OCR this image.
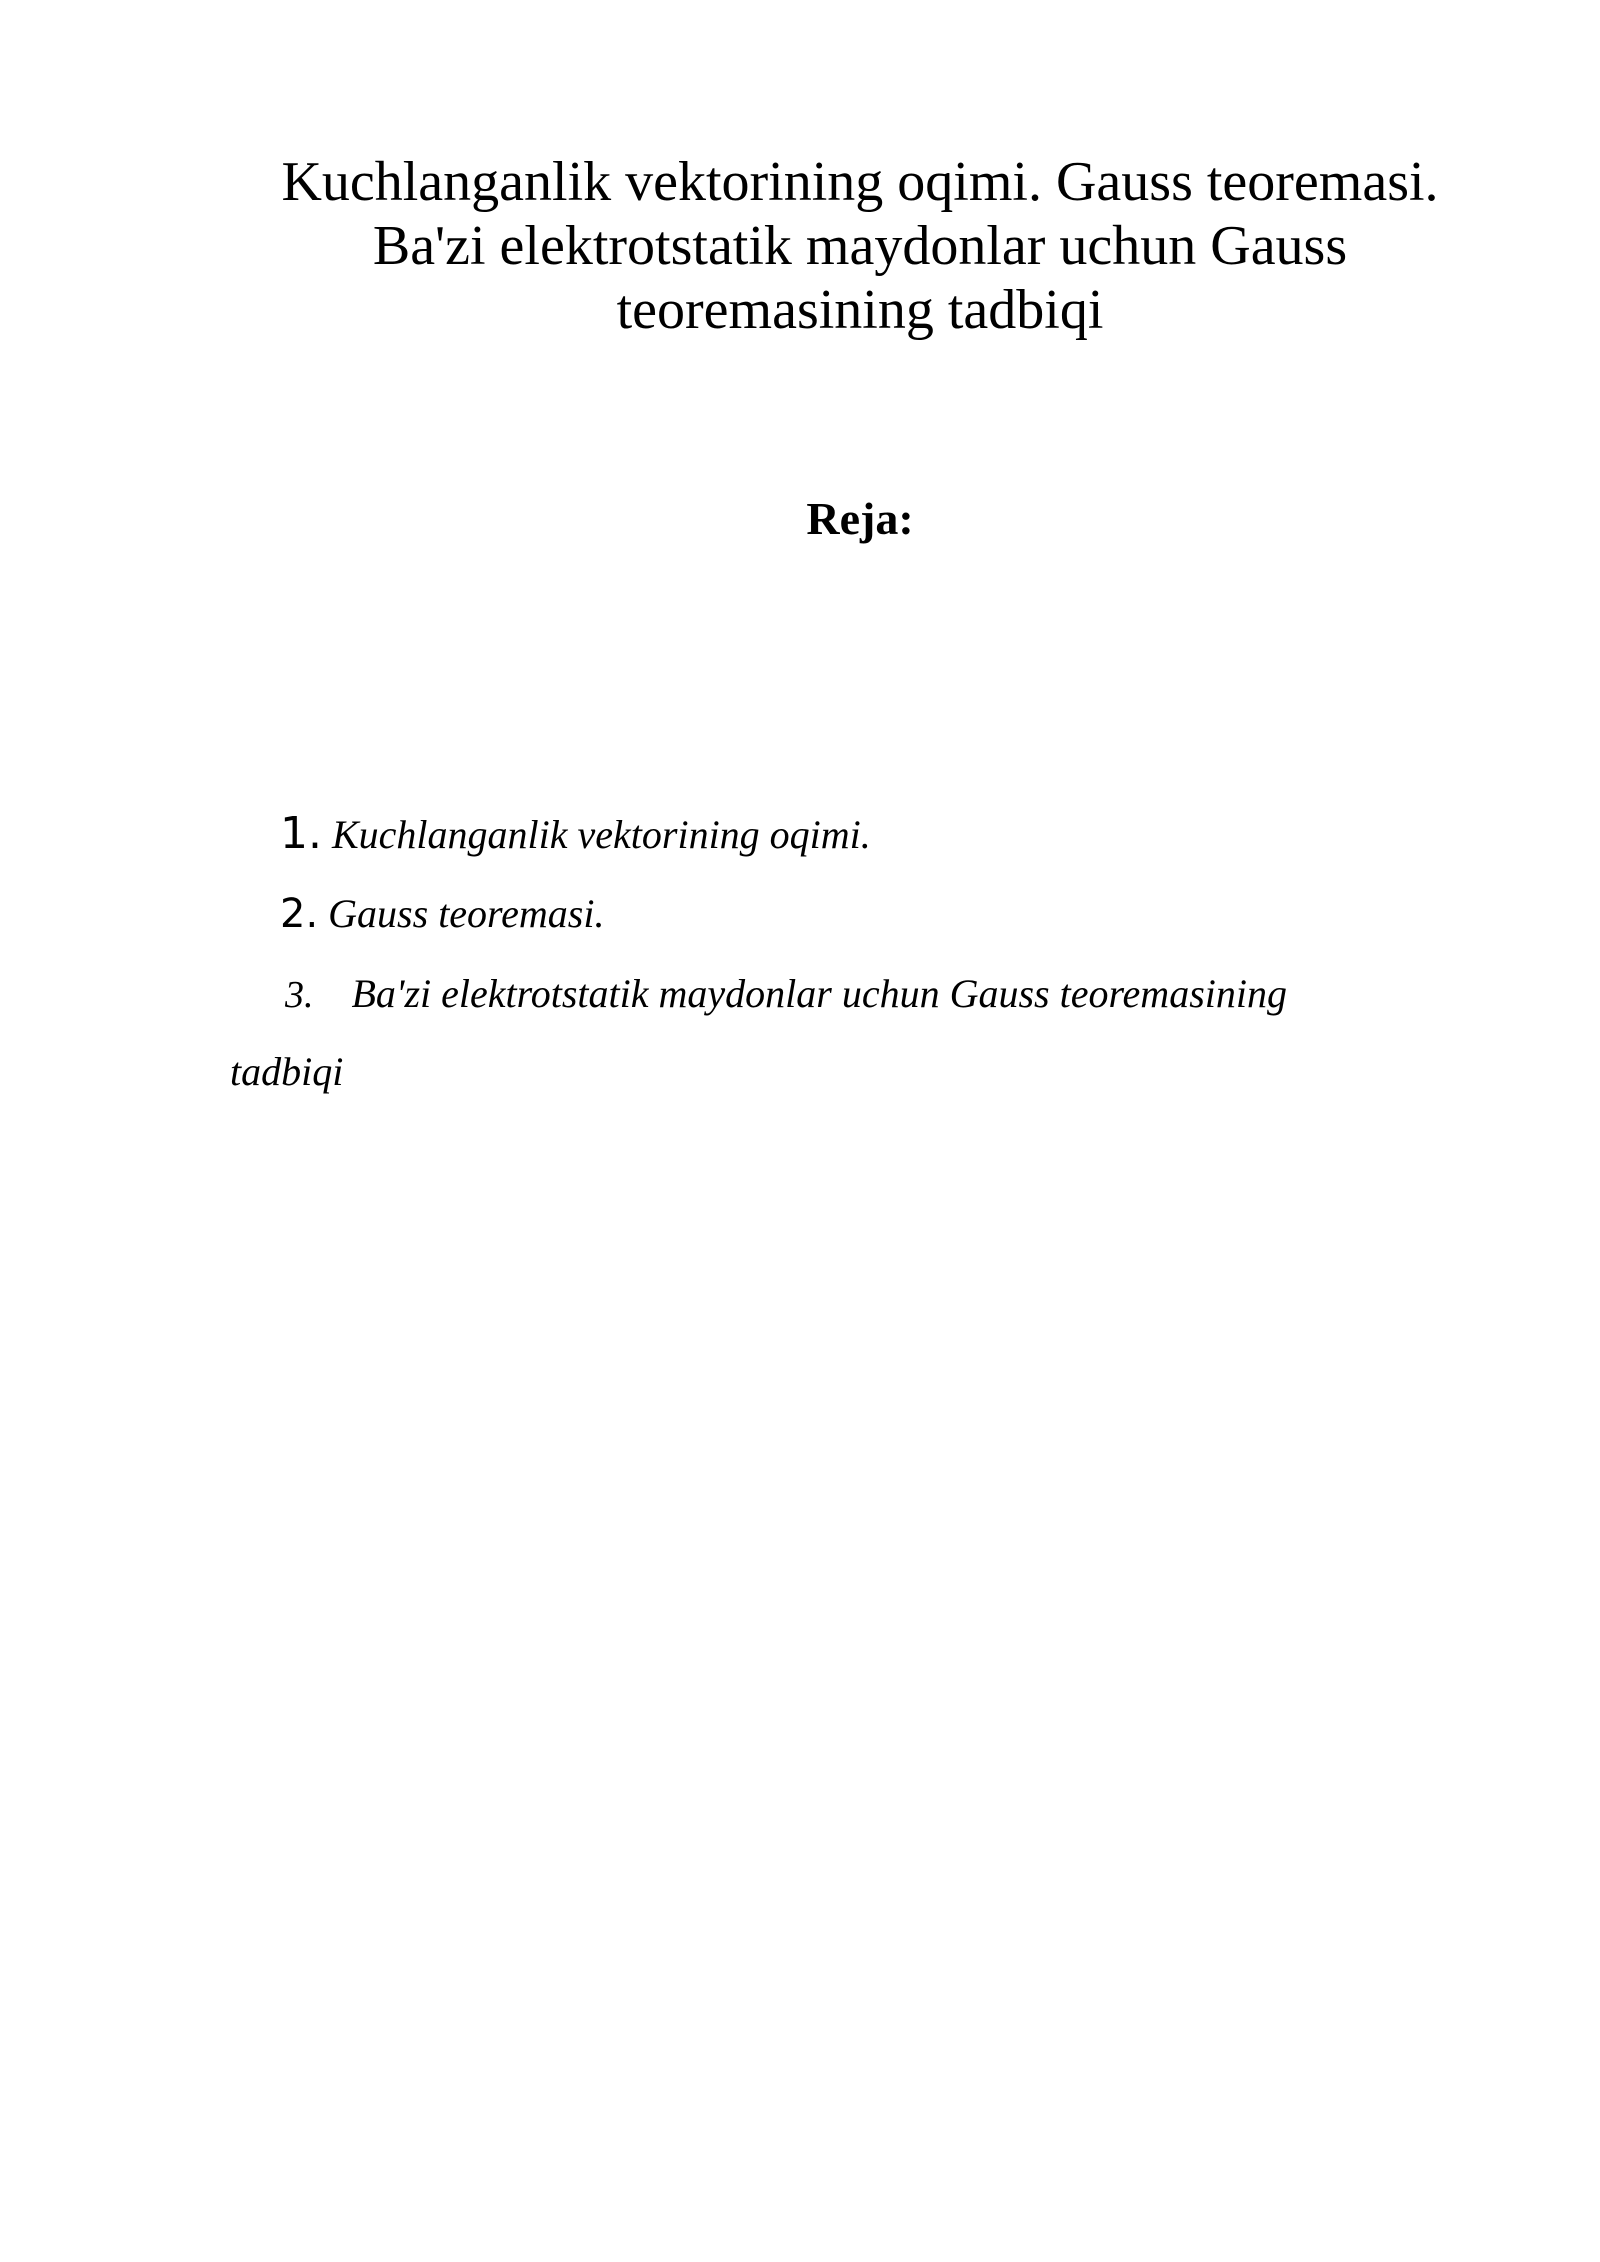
Kuchlanganlik vektorining oqimi. Gauss teoremasi.
Ba'zi elektrotstatik maydonlar uchun Gauss
teoremasining tadbiqi
Reja:
1. Kuchlanganlik vektorining oqimi.
2. Gauss teoremasi.
3. Ba'zi elektrotstatik maydonlar uchun Gauss teoremasining
tadbiqi
